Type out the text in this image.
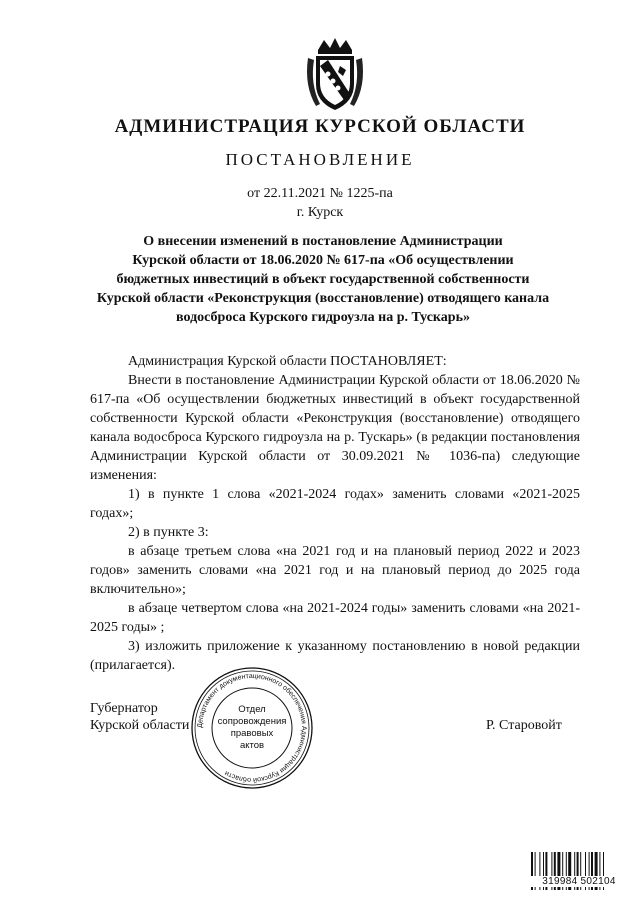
АДМИНИСТРАЦИЯ КУРСКОЙ ОБЛАСТИ
ПОСТАНОВЛЕНИЕ
от 22.11.2021 № 1225-па
г. Курск
О внесении изменений в постановление Администрации
Курской области от 18.06.2020 № 617-па «Об осуществлении
бюджетных инвестиций в объект государственной собственности
Курской области «Реконструкция (восстановление) отводящего канала
водосброса Курского гидроузла на р. Тускарь»

Администрация Курской области ПОСТАНОВЛЯЕТ:

Внести в постановление Администрации Курской области от 18.06.2020 № 617-па «Об осуществлении бюджетных инвестиций в объект государственной собственности Курской области «Реконструкция (восстановление) отводящего канала водосброса Курского гидроузла на р. Тускарь» (в редакции постановления Администрации Курской области от 30.09.2021 № 1036-па) следующие изменения:

1) в пункте 1 слова «2021-2024 годах» заменить словами «2021-2025 годах»;

2) в пункте 3:

в абзаце третьем слова «на 2021 год и на плановый период 2022 и 2023 годов» заменить словами «на 2021 год и на плановый период до 2025 года включительно»;

в абзаце четвертом слова «на 2021-2024 годы» заменить словами «на 2021-2025 годы» ;

3) изложить приложение к указанному постановлению в новой редакции (прилагается).

Губернатор
Курской области	Р. Старовойт
Департамент документационного обеспечения Администрации Курской области
Отдел
сопровождения
правовых
актов
319984 502104
